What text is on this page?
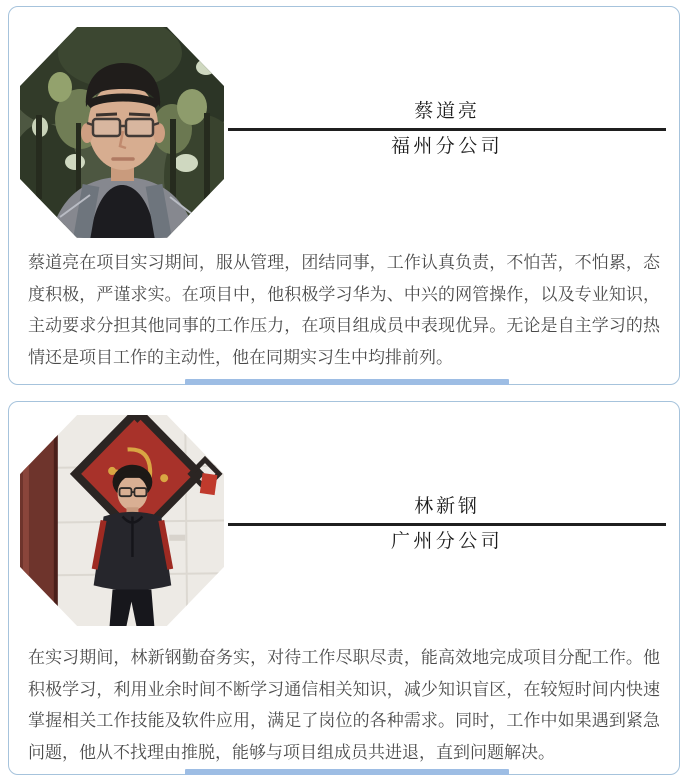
蔡道亮
福州分公司

蔡道亮在项目实习期间，服从管理，团结同事，工作认真负责，不怕苦，不怕累，态度积极，严谨求实。在项目中，他积极学习华为、中兴的网管操作，以及专业知识，主动要求分担其他同事的工作压力，在项目组成员中表现优异。无论是自主学习的热情还是项目工作的主动性，他在同期实习生中均排前列。

林新钢
广州分公司

在实习期间，林新钢勤奋务实，对待工作尽职尽责，能高效地完成项目分配工作。他积极学习，利用业余时间不断学习通信相关知识，减少知识盲区，在较短时间内快速掌握相关工作技能及软件应用，满足了岗位的各种需求。同时，工作中如果遇到紧急问题，他从不找理由推脱，能够与项目组成员共进退，直到问题解决。
